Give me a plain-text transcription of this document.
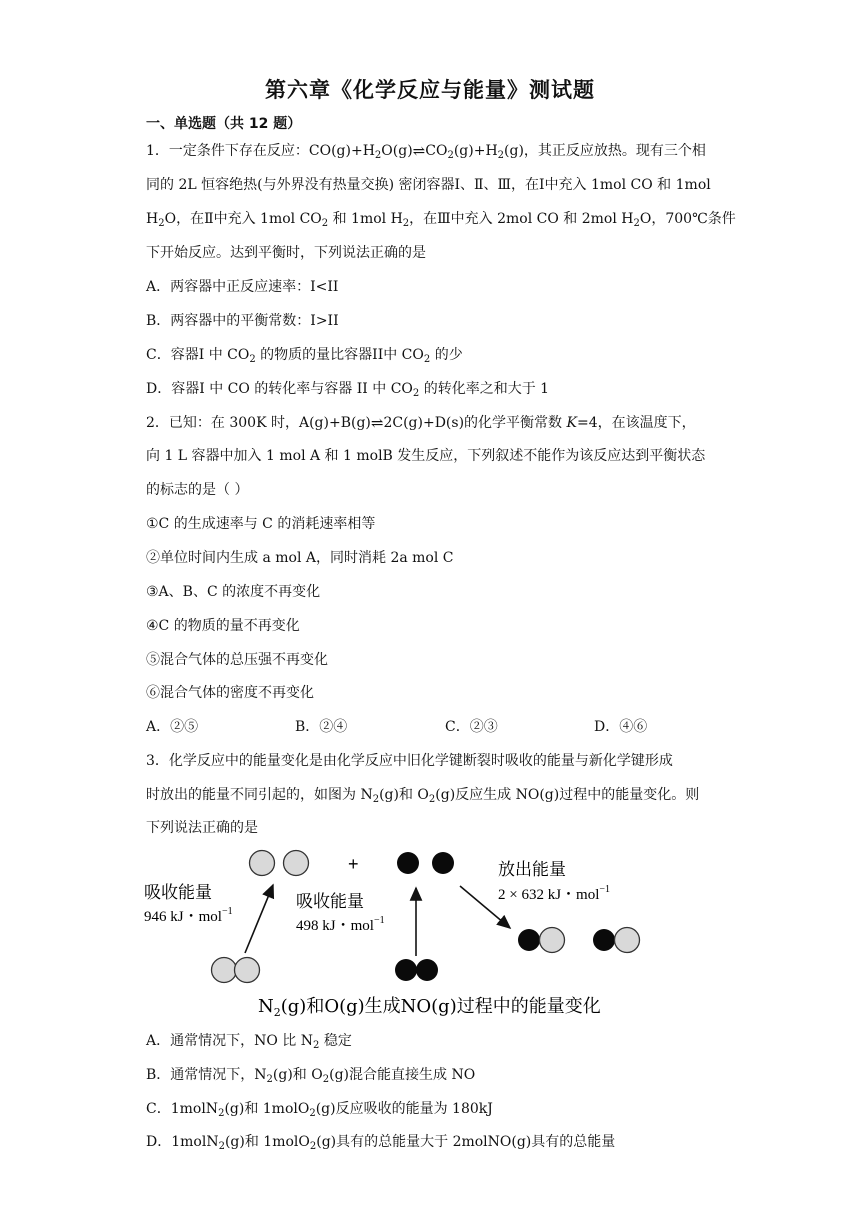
第六章《化学反应与能量》测试题
一、单选题（共 12 题）
1．一定条件下存在反应：$CO(g)+H_2O(g)\rightleftharpoons CO_2(g)+H_2(g)$，其正反应放热。现有三个相
同的 2L 恒容绝热(与外界没有热量交换) 密闭容器Ⅰ、Ⅱ、Ⅲ，在Ⅰ中充入 1mol CO 和 1mol
$H_2O$，在Ⅱ中充入 1mol $CO_2$ 和 1mol $H_2$，在Ⅲ中充入 2mol CO 和 2mol $H_2O$，700℃条件
下开始反应。达到平衡时，下列说法正确的是
A．两容器中正反应速率：I<II
B．两容器中的平衡常数：I>II
C．容器I 中 $CO_2$ 的物质的量比容器II中 $CO_2$ 的少
D．容器I 中 CO 的转化率与容器 II 中 $CO_2$ 的转化率之和大于 1
2．已知：在 300K 时，A(g)+B(g)⇌2C(g)+D(s)的化学平衡常数 K=4，在该温度下，
向 1 L 容器中加入 1 mol A 和 1 molB 发生反应，下列叙述不能作为该反应达到平衡状态
的标志的是（ ）
①C 的生成速率与 C 的消耗速率相等
②单位时间内生成 a mol A，同时消耗 2a mol C
③A、B、C 的浓度不再变化
④C 的物质的量不再变化
⑤混合气体的总压强不再变化
⑥混合气体的密度不再变化
A．②⑤	B．②④	C．②③	D．④⑥
3．化学反应中的能量变化是由化学反应中旧化学键断裂时吸收的能量与新化学键形成
时放出的能量不同引起的，如图为 $N_2(g)$和 $O_2(g)$反应生成 NO(g)过程中的能量变化。则
下列说法正确的是
+
吸收能量
946 kJ・mol$^{-1}$	吸收能量
498 kJ・mol$^{-1}$
放出能量
2 × 632 kJ・mol$^{-1}$
$N_2(g)$和O(g)生成NO(g)过程中的能量变化
A．通常情况下，NO 比 $N_2$ 稳定
B．通常情况下，$N_2(g)$和 $O_2(g)$混合能直接生成 NO
C．1molN$_2$(g)和 1molO$_2$(g)反应吸收的能量为 180kJ
D．1molN$_2$(g)和 1molO$_2$(g)具有的总能量大于 2molNO(g)具有的总能量
